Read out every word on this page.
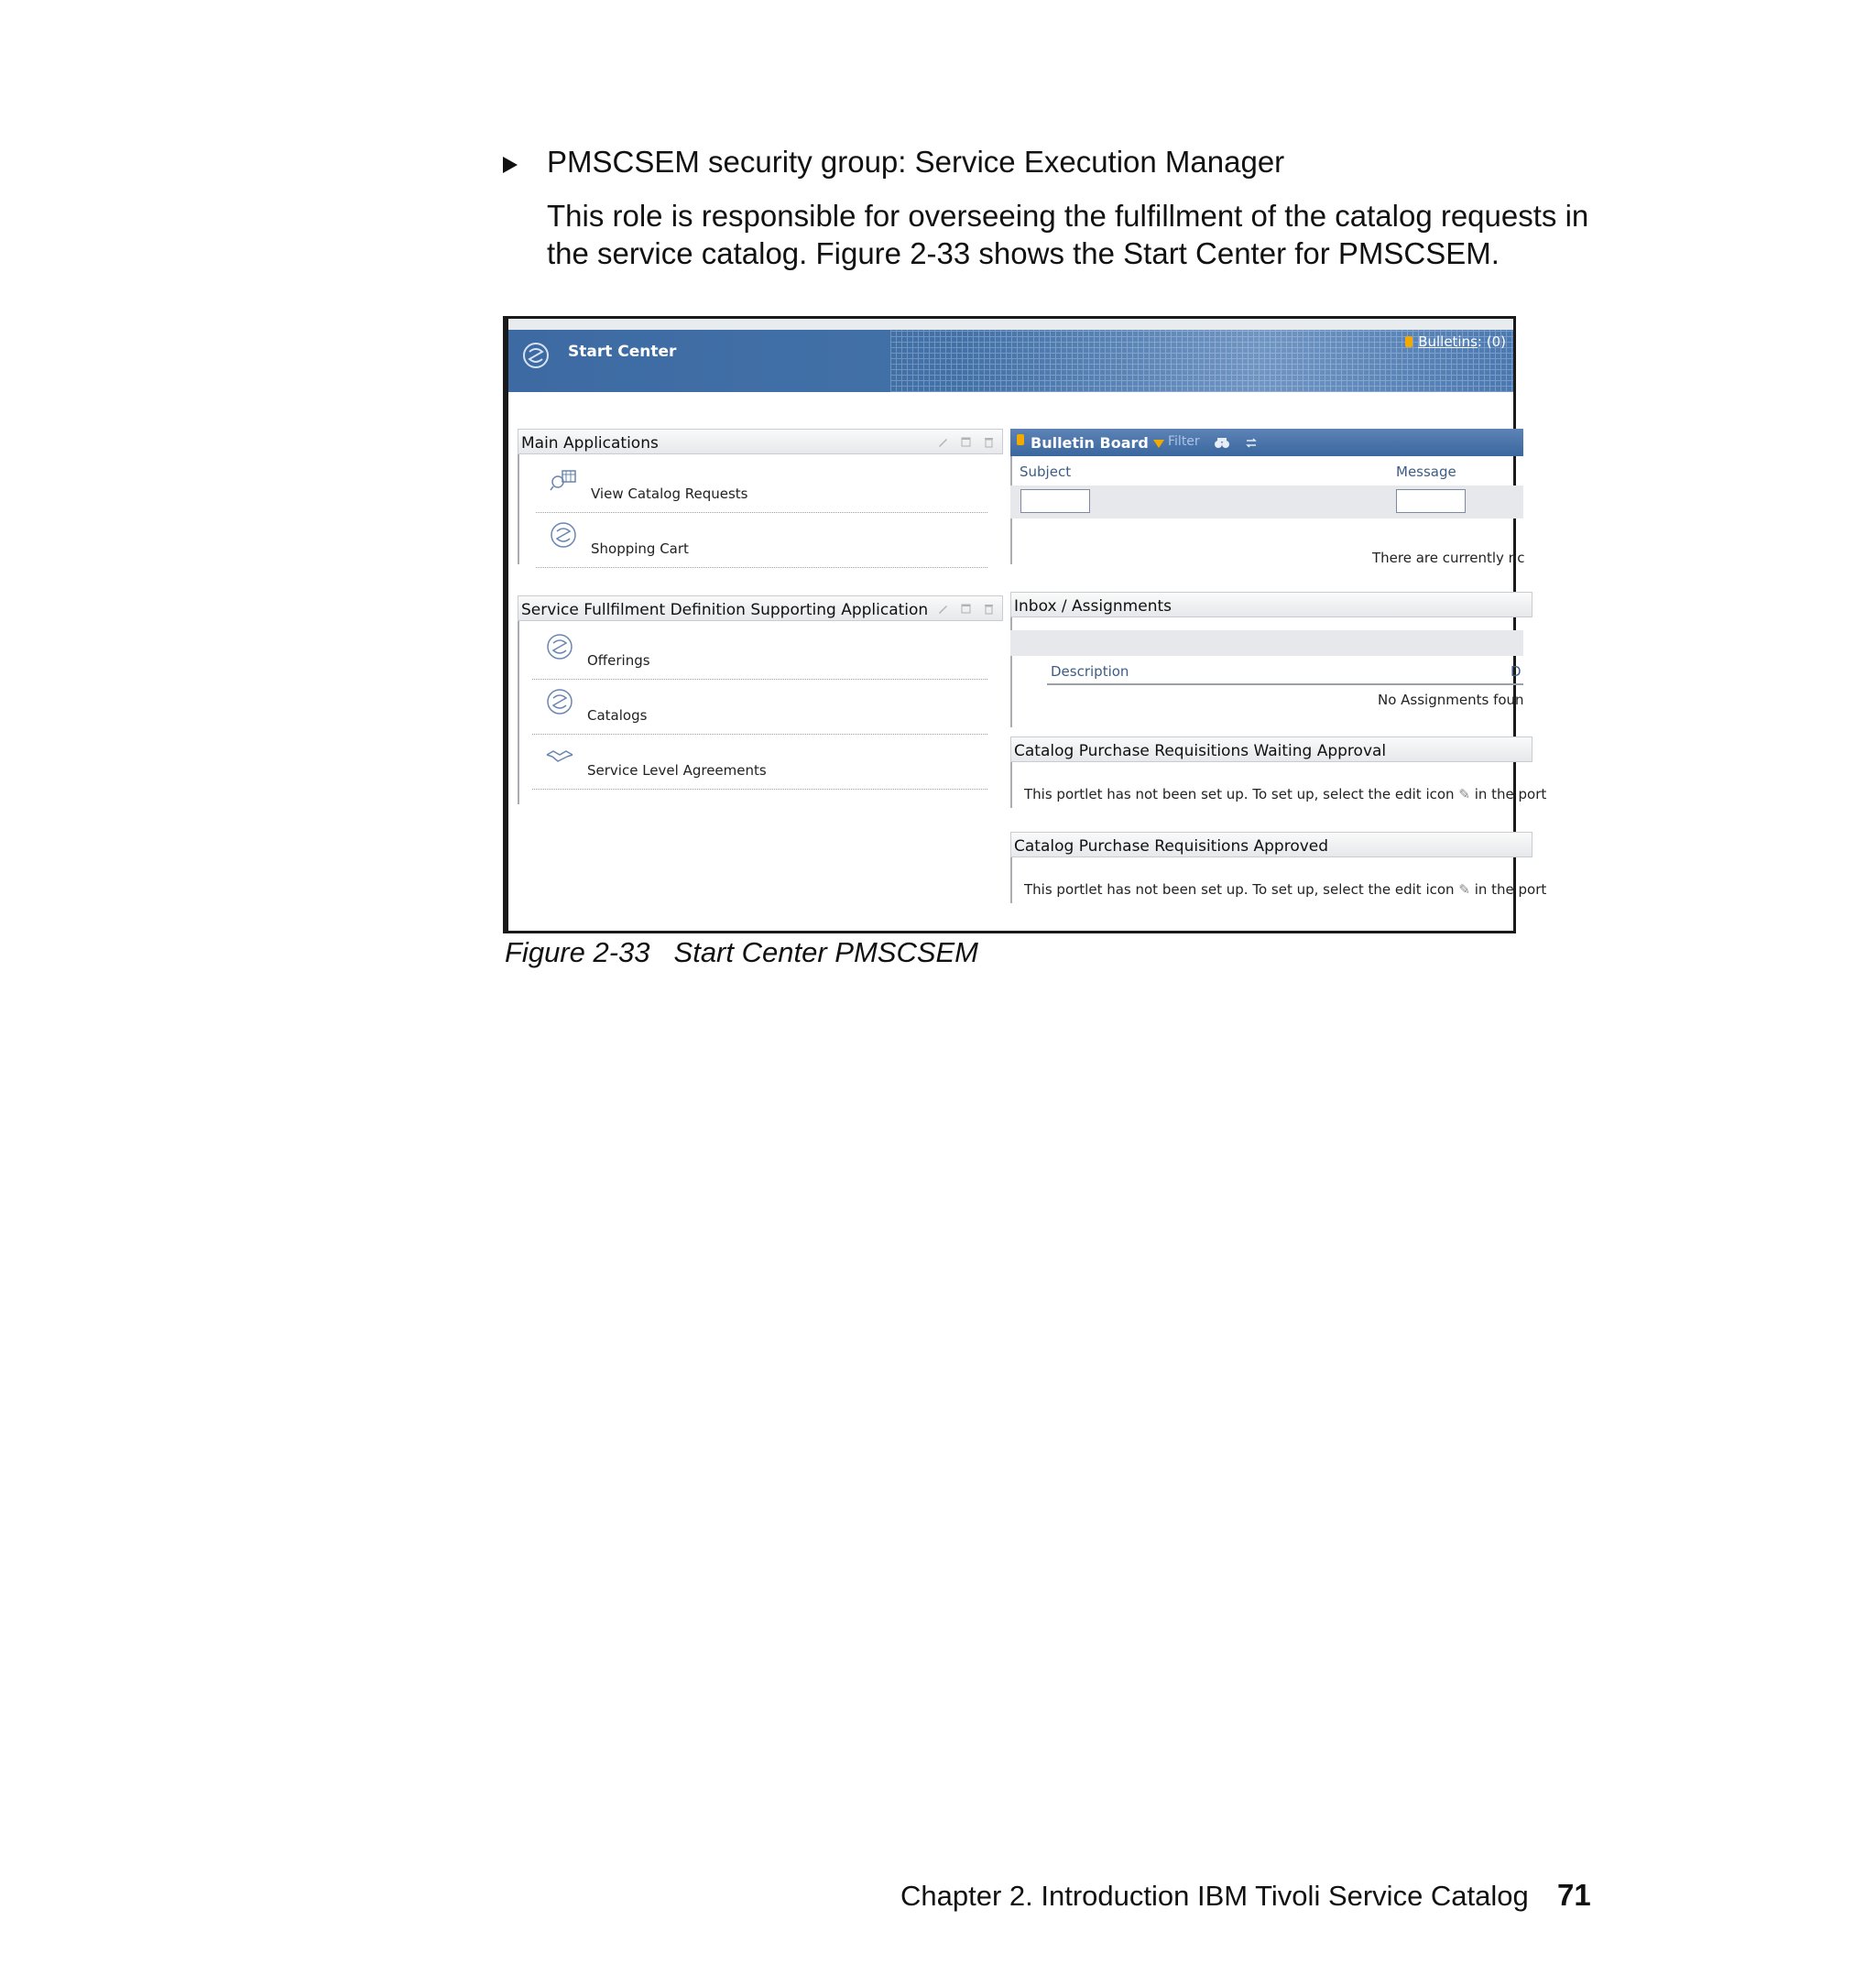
PMSCSEM security group: Service Execution Manager

This role is responsible for overseeing the fulfillment of the catalog requests in the service catalog. Figure 2-33 shows the Start Center for PMSCSEM.

Start Center
Bulletins: (0)
Main Applications
View Catalog Requests
Shopping Cart
Service Fullfilment Definition Supporting Application
Offerings
Catalogs
Service Level Agreements
Bulletin Board Filter
Subject	Message
There are currently nc
Inbox / Assignments
Description	D
No Assignments foun
Catalog Purchase Requisitions Waiting Approval
This portlet has not been set up. To set up, select the edit icon ✎ in the port
Catalog Purchase Requisitions Approved
This portlet has not been set up. To set up, select the edit icon ✎ in the port
Figure 2-33 Start Center PMSCSEM
Chapter 2. Introduction IBM Tivoli Service Catalog 71
